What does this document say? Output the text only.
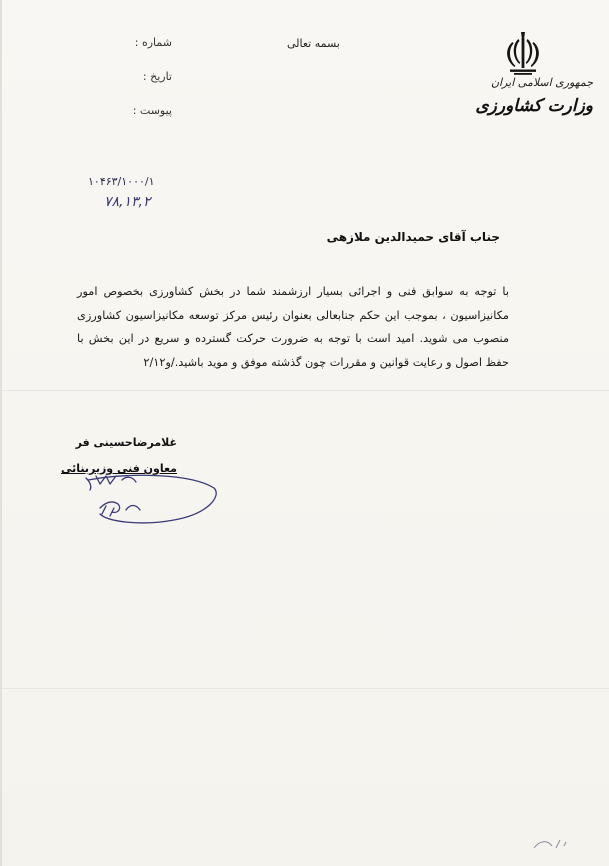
جمهوری اسلامی ایران
وزارت کشاورزی
بسمه تعالی
شماره :
تاریخ :
پیوست :
۱۰۴۶۳/۱۰۰۰/۱
۷۸,۱۳,۲
جناب آقای حمیدالدین ملازهی
با توجه به سوابق فنی و اجرائی بسیار ارزشمند شما در بخش کشاورزی بخصوص امور مکانیزاسیون ، بموجب این حکم جنابعالی بعنوان رئیس مرکز توسعه مکانیزاسیون کشاورزی منصوب می شوید. امید است با توجه به ضرورت حرکت گسترده و سریع در این بخش با حفظ اصول و رعایت قوانین و مقررات چون گذشته موفق و موید باشید./و۲/۱۲
غلامرضاحسینی فر
معاون فنی وزیربنائی
